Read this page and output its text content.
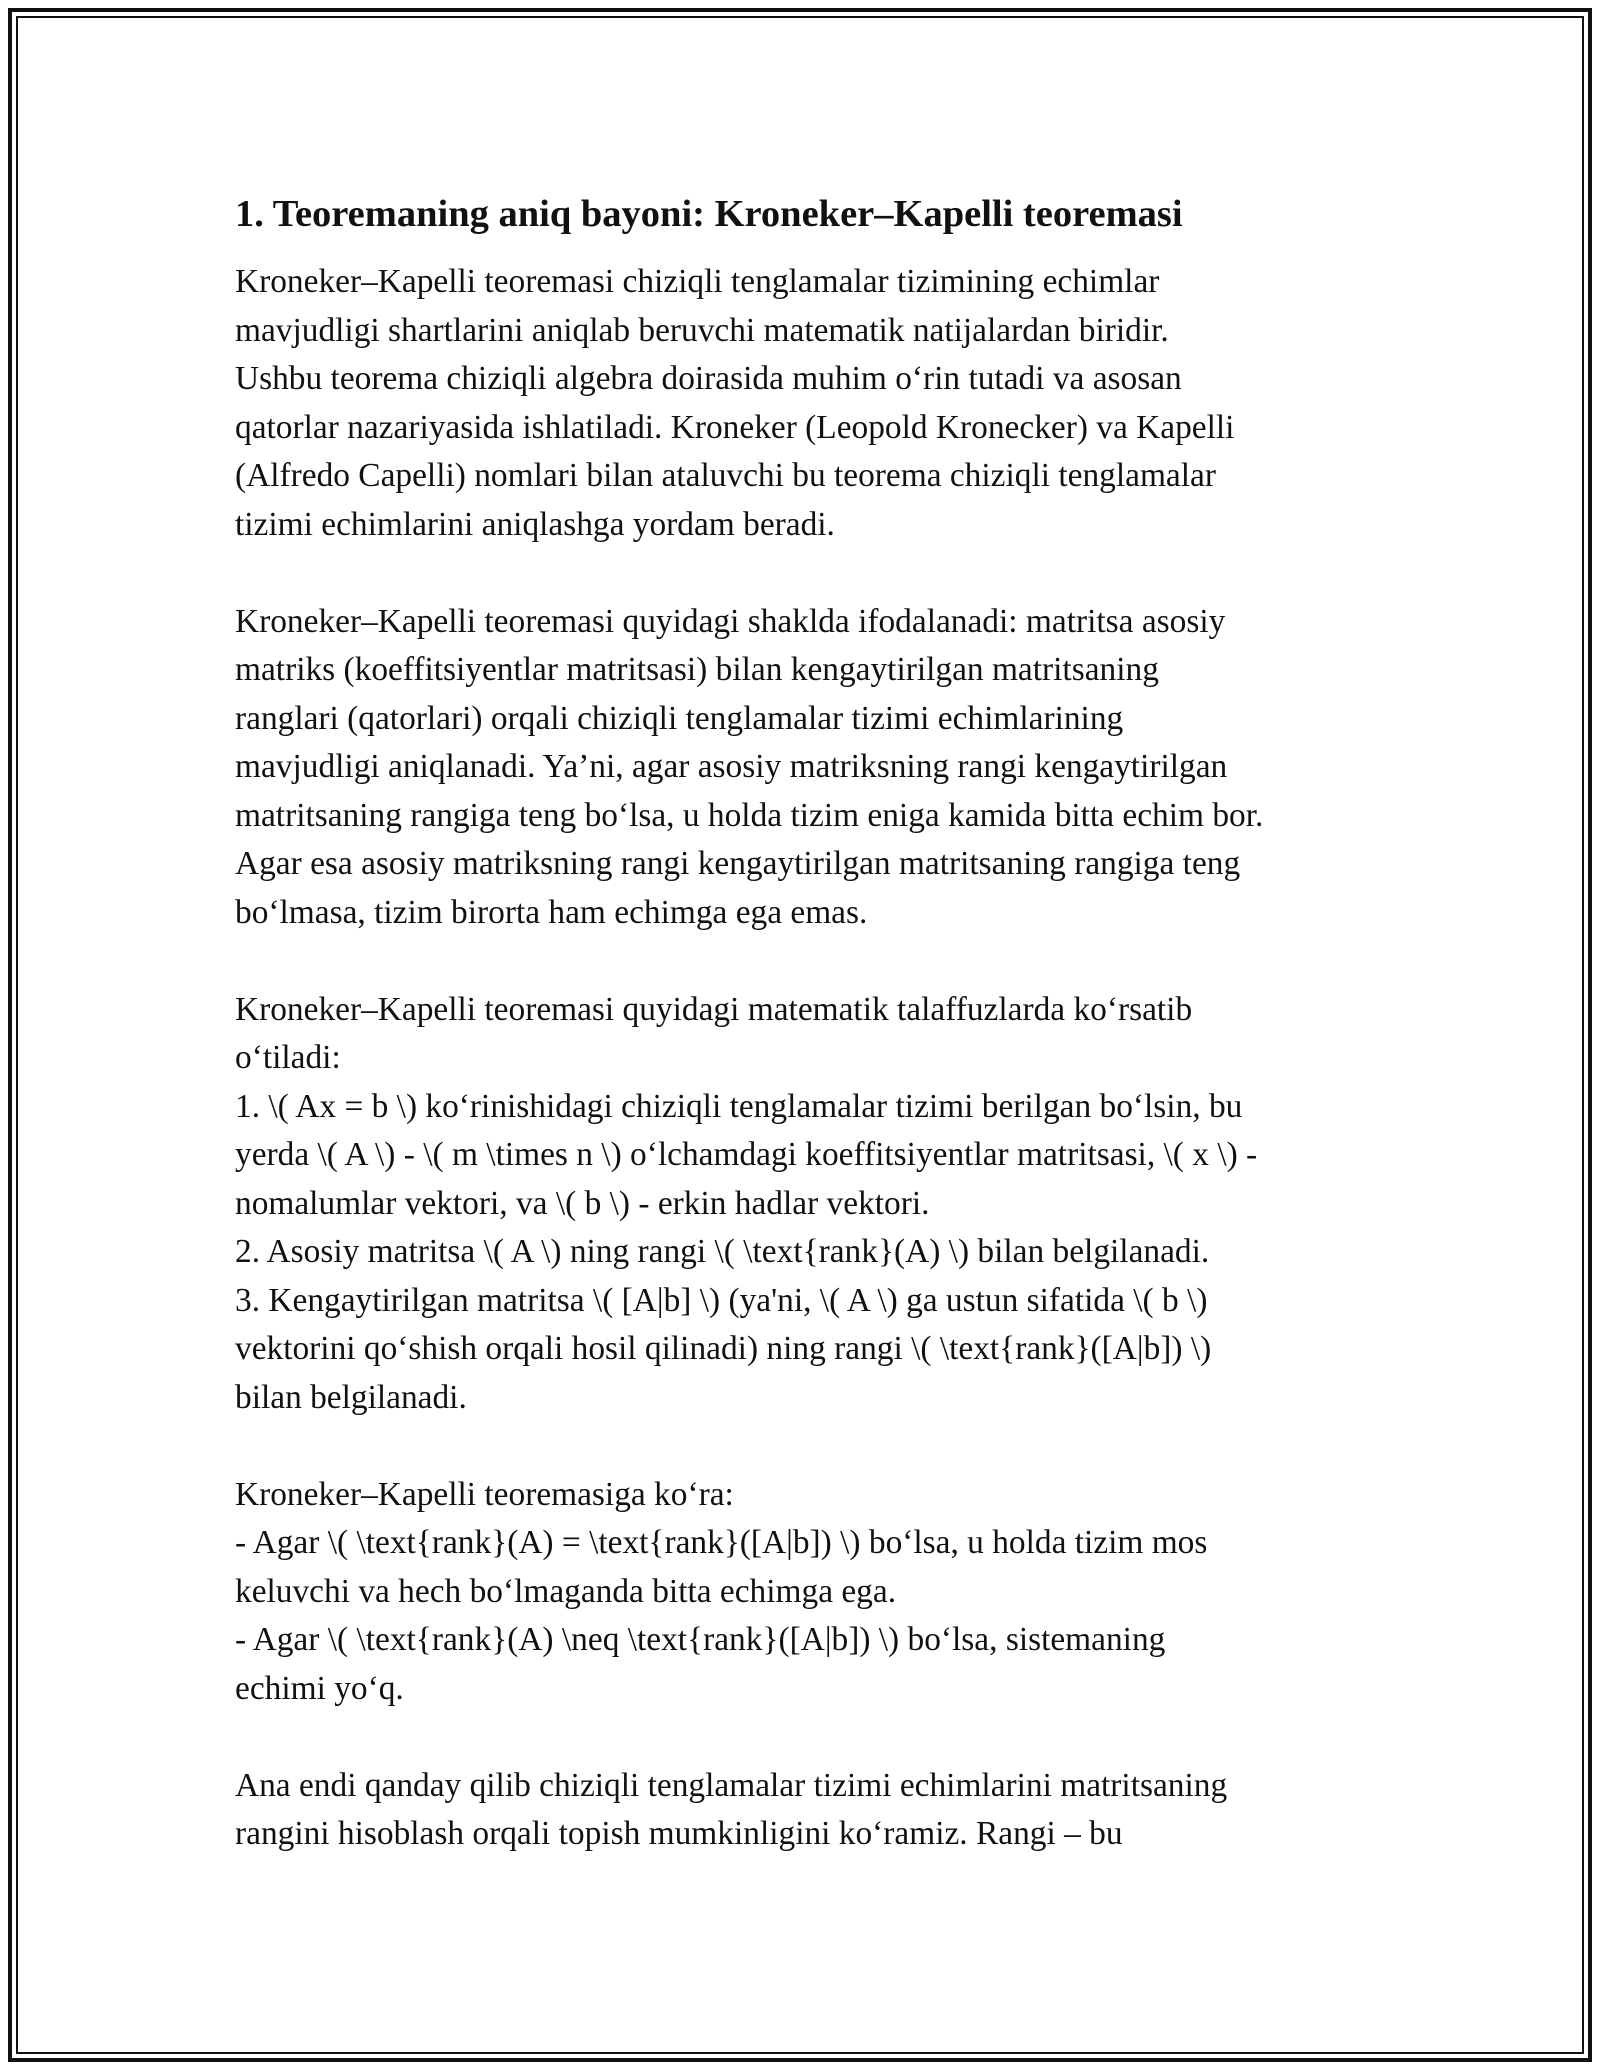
1. Teoremaning aniq bayoni: Kroneker–Kapelli teoremasi
Kroneker–Kapelli teoremasi chiziqli tenglamalar tizimining echimlar
mavjudligi shartlarini aniqlab beruvchi matematik natijalardan biridir.
Ushbu teorema chiziqli algebra doirasida muhim o‘rin tutadi va asosan
qatorlar nazariyasida ishlatiladi. Kroneker (Leopold Kronecker) va Kapelli
(Alfredo Capelli) nomlari bilan ataluvchi bu teorema chiziqli tenglamalar
tizimi echimlarini aniqlashga yordam beradi.
Kroneker–Kapelli teoremasi quyidagi shaklda ifodalanadi: matritsa asosiy
matriks (koeffitsiyentlar matritsasi) bilan kengaytirilgan matritsaning
ranglari (qatorlari) orqali chiziqli tenglamalar tizimi echimlarining
mavjudligi aniqlanadi. Ya’ni, agar asosiy matriksning rangi kengaytirilgan
matritsaning rangiga teng bo‘lsa, u holda tizim eniga kamida bitta echim bor.
Agar esa asosiy matriksning rangi kengaytirilgan matritsaning rangiga teng
bo‘lmasa, tizim birorta ham echimga ega emas.
Kroneker–Kapelli teoremasi quyidagi matematik talaffuzlarda ko‘rsatib
o‘tiladi:
1. \( Ax = b \) ko‘rinishidagi chiziqli tenglamalar tizimi berilgan bo‘lsin, bu
yerda \( A \) - \( m \times n \) o‘lchamdagi koeffitsiyentlar matritsasi, \( x \) -
nomalumlar vektori, va \( b \) - erkin hadlar vektori.
2. Asosiy matritsa \( A \) ning rangi \( \text{rank}(A) \) bilan belgilanadi.
3. Kengaytirilgan matritsa \( [A|b] \) (ya'ni, \( A \) ga ustun sifatida \( b \)
vektorini qo‘shish orqali hosil qilinadi) ning rangi \( \text{rank}([A|b]) \)
bilan belgilanadi.
Kroneker–Kapelli teoremasiga ko‘ra:
- Agar \( \text{rank}(A) = \text{rank}([A|b]) \) bo‘lsa, u holda tizim mos
keluvchi va hech bo‘lmaganda bitta echimga ega.
- Agar \( \text{rank}(A) \neq \text{rank}([A|b]) \) bo‘lsa, sistemaning
echimi yo‘q.
Ana endi qanday qilib chiziqli tenglamalar tizimi echimlarini matritsaning
rangini hisoblash orqali topish mumkinligini ko‘ramiz. Rangi – bu
